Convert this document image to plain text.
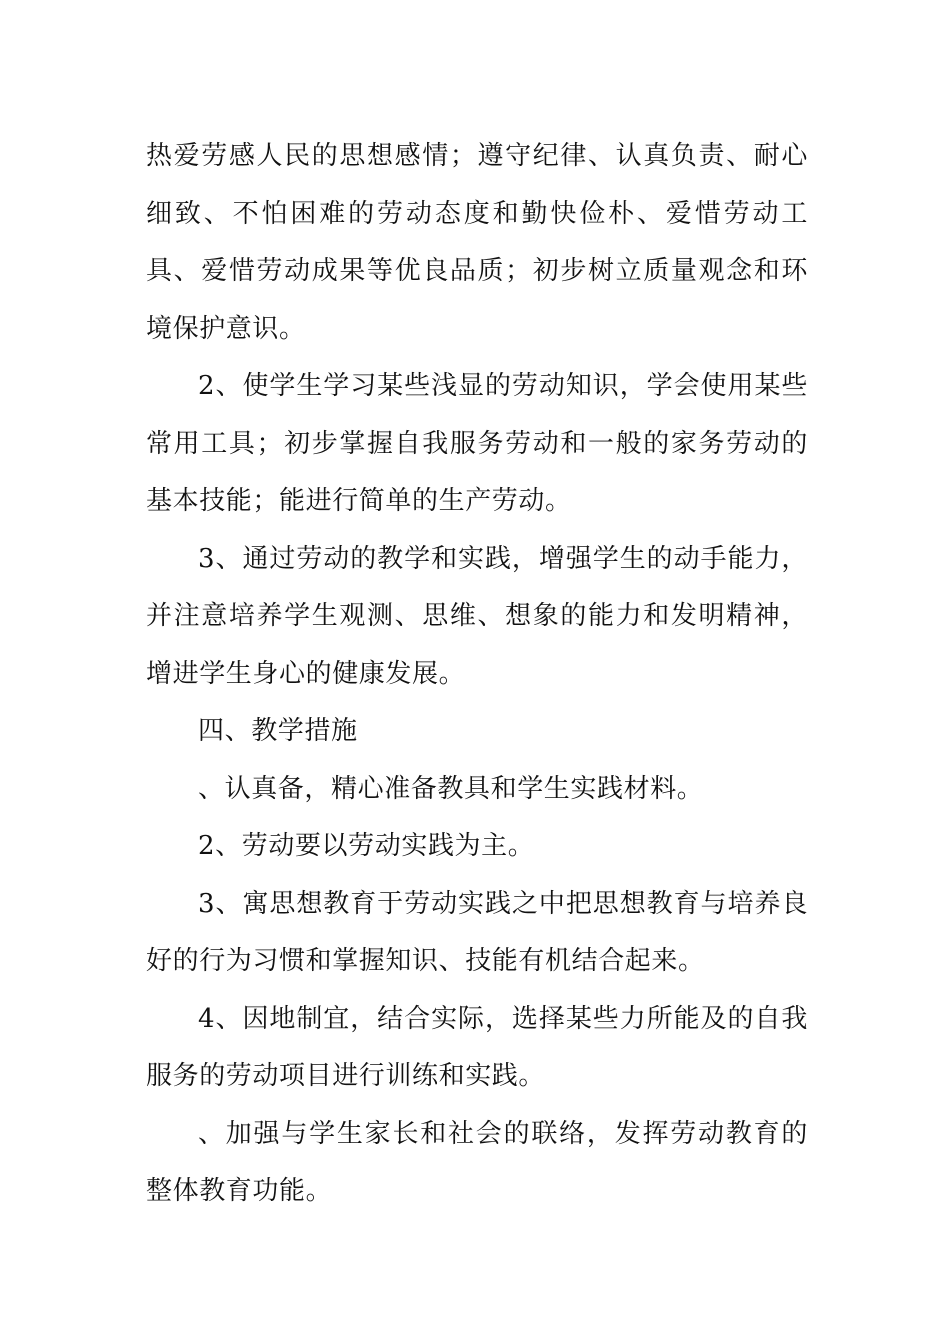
热爱劳感人民的思想感情；遵守纪律、认真负责、耐心细致、不怕困难的劳动态度和勤快俭朴、爱惜劳动工具、爱惜劳动成果等优良品质；初步树立质量观念和环境保护意识。

2、使学生学习某些浅显的劳动知识，学会使用某些常用工具；初步掌握自我服务劳动和一般的家务劳动的基本技能；能进行简单的生产劳动。

3、通过劳动的教学和实践，增强学生的动手能力，并注意培养学生观测、思维、想象的能力和发明精神，增进学生身心的健康发展。

四、教学措施

、认真备，精心准备教具和学生实践材料。

2、劳动要以劳动实践为主。

3、寓思想教育于劳动实践之中把思想教育与培养良好的行为习惯和掌握知识、技能有机结合起来。

4、因地制宜，结合实际，选择某些力所能及的自我服务的劳动项目进行训练和实践。

、加强与学生家长和社会的联络，发挥劳动教育的整体教育功能。
